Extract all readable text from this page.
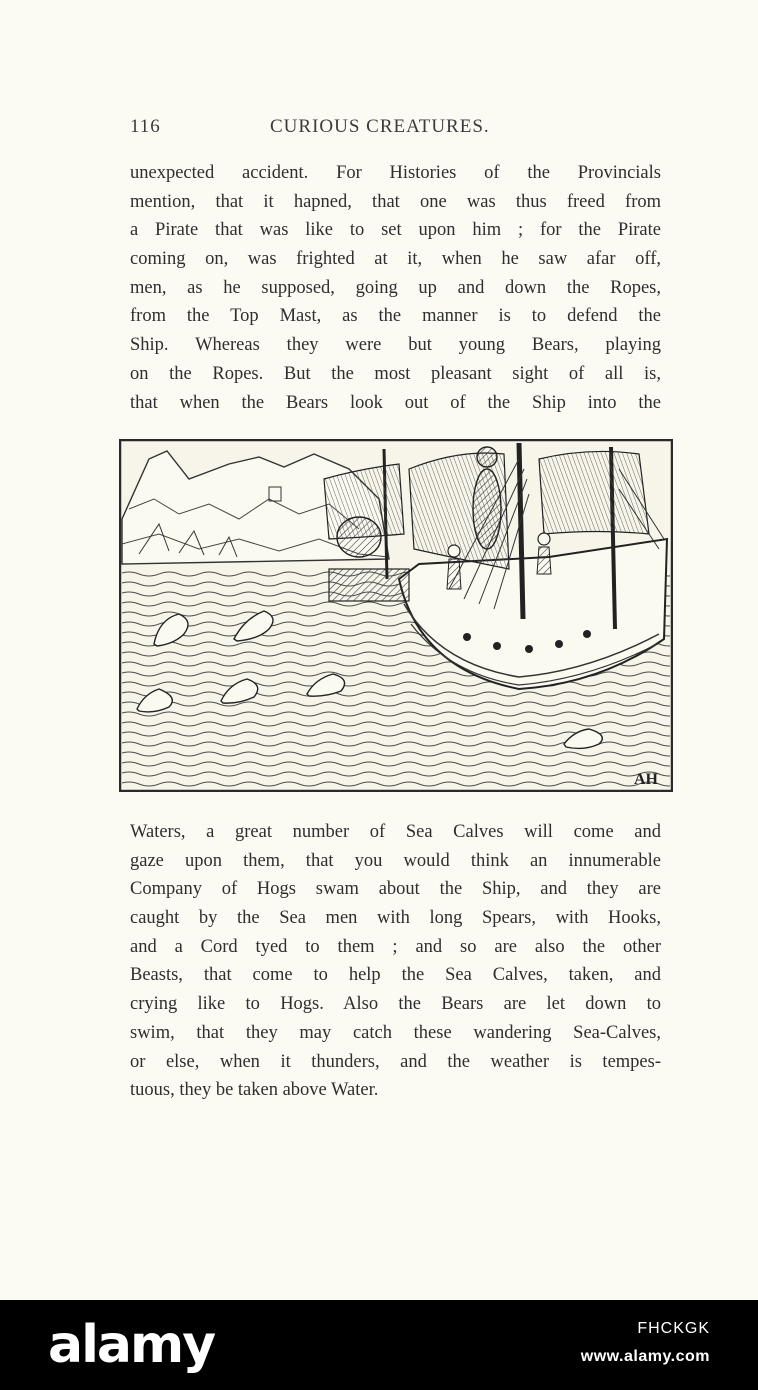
116	CURIOUS CREATURES.
unexpected accident. For Histories of the Provincials
mention, that it hapned, that one was thus freed from
a Pirate that was like to set upon him ; for the Pirate
coming on, was frighted at it, when he saw afar off,
men, as he supposed, going up and down the Ropes,
from the Top Mast, as the manner is to defend the
Ship. Whereas they were but young Bears, playing
on the Ropes. But the most pleasant sight of all is,
that when the Bears look out of the Ship into the
AH
Waters, a great number of Sea Calves will come and
gaze upon them, that you would think an innumerable
Company of Hogs swam about the Ship, and they are
caught by the Sea men with long Spears, with Hooks,
and a Cord tyed to them ; and so are also the other
Beasts, that come to help the Sea Calves, taken, and
crying like to Hogs. Also the Bears are let down to
swim, that they may catch these wandering Sea-Calves,
or else, when it thunders, and the weather is tempes-
tuous, they be taken above Water.
alamy	FHCKGK
www.alamy.com
